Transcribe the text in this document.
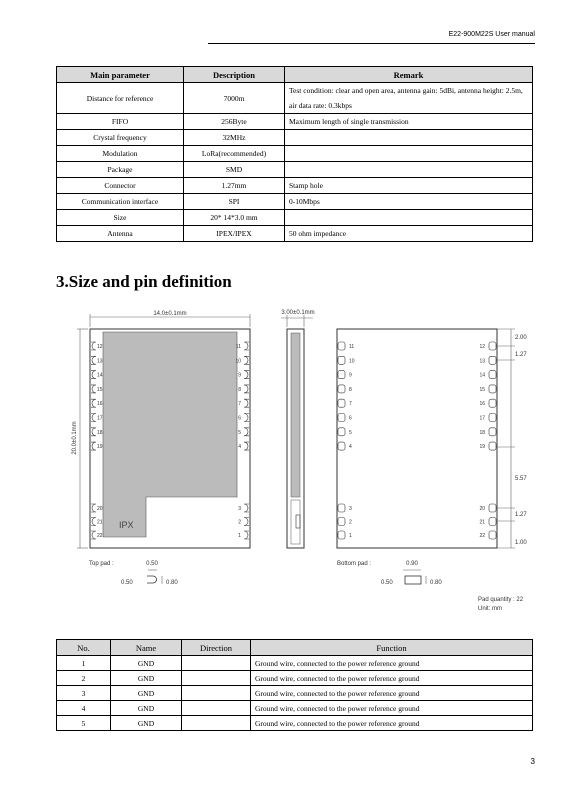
E22-900M22S User manual
Main parameter	Description	Remark
Distance for reference	7000m	Test condition: clear and open area, antenna gain: 5dBi, antenna height: 2.5m, air data rate: 0.3kbps
FIFO	256Byte	Maximum length of single transmission
Crystal frequency	32MHz	
Modulation	LoRa(recommended)	
Package	SMD	
Connector	1.27mm	Stamp hole
Communication interface	SPI	0-10Mbps
Size	20* 14*3.0 mm	
Antenna	IPEX/IPEX	50 ohm impedance
3.Size and pin definition
IPX
12
13
14
15
16
17
18
19
11
10
9
8
7
6
5
4
20
21
22
3
2
1
14.0±0.1mm
20.0±0.1mm
Top pad :	0.50
0.50	0.80
3.00±0.1mm
11
10
9
8
7
6
5
4
12
13
14
15
16
17
18
19
3
2
1
20
21
22
2.00
1.27
5.57
1.27
1.00
Bottom pad :	0.90
0.50	0.80
Pad quantity : 22
Unit: mm
No.	Name	Direction	Function
1	GND		Ground wire, connected to the power reference ground
2	GND		Ground wire, connected to the power reference ground
3	GND		Ground wire, connected to the power reference ground
4	GND		Ground wire, connected to the power reference ground
5	GND		Ground wire, connected to the power reference ground
3
